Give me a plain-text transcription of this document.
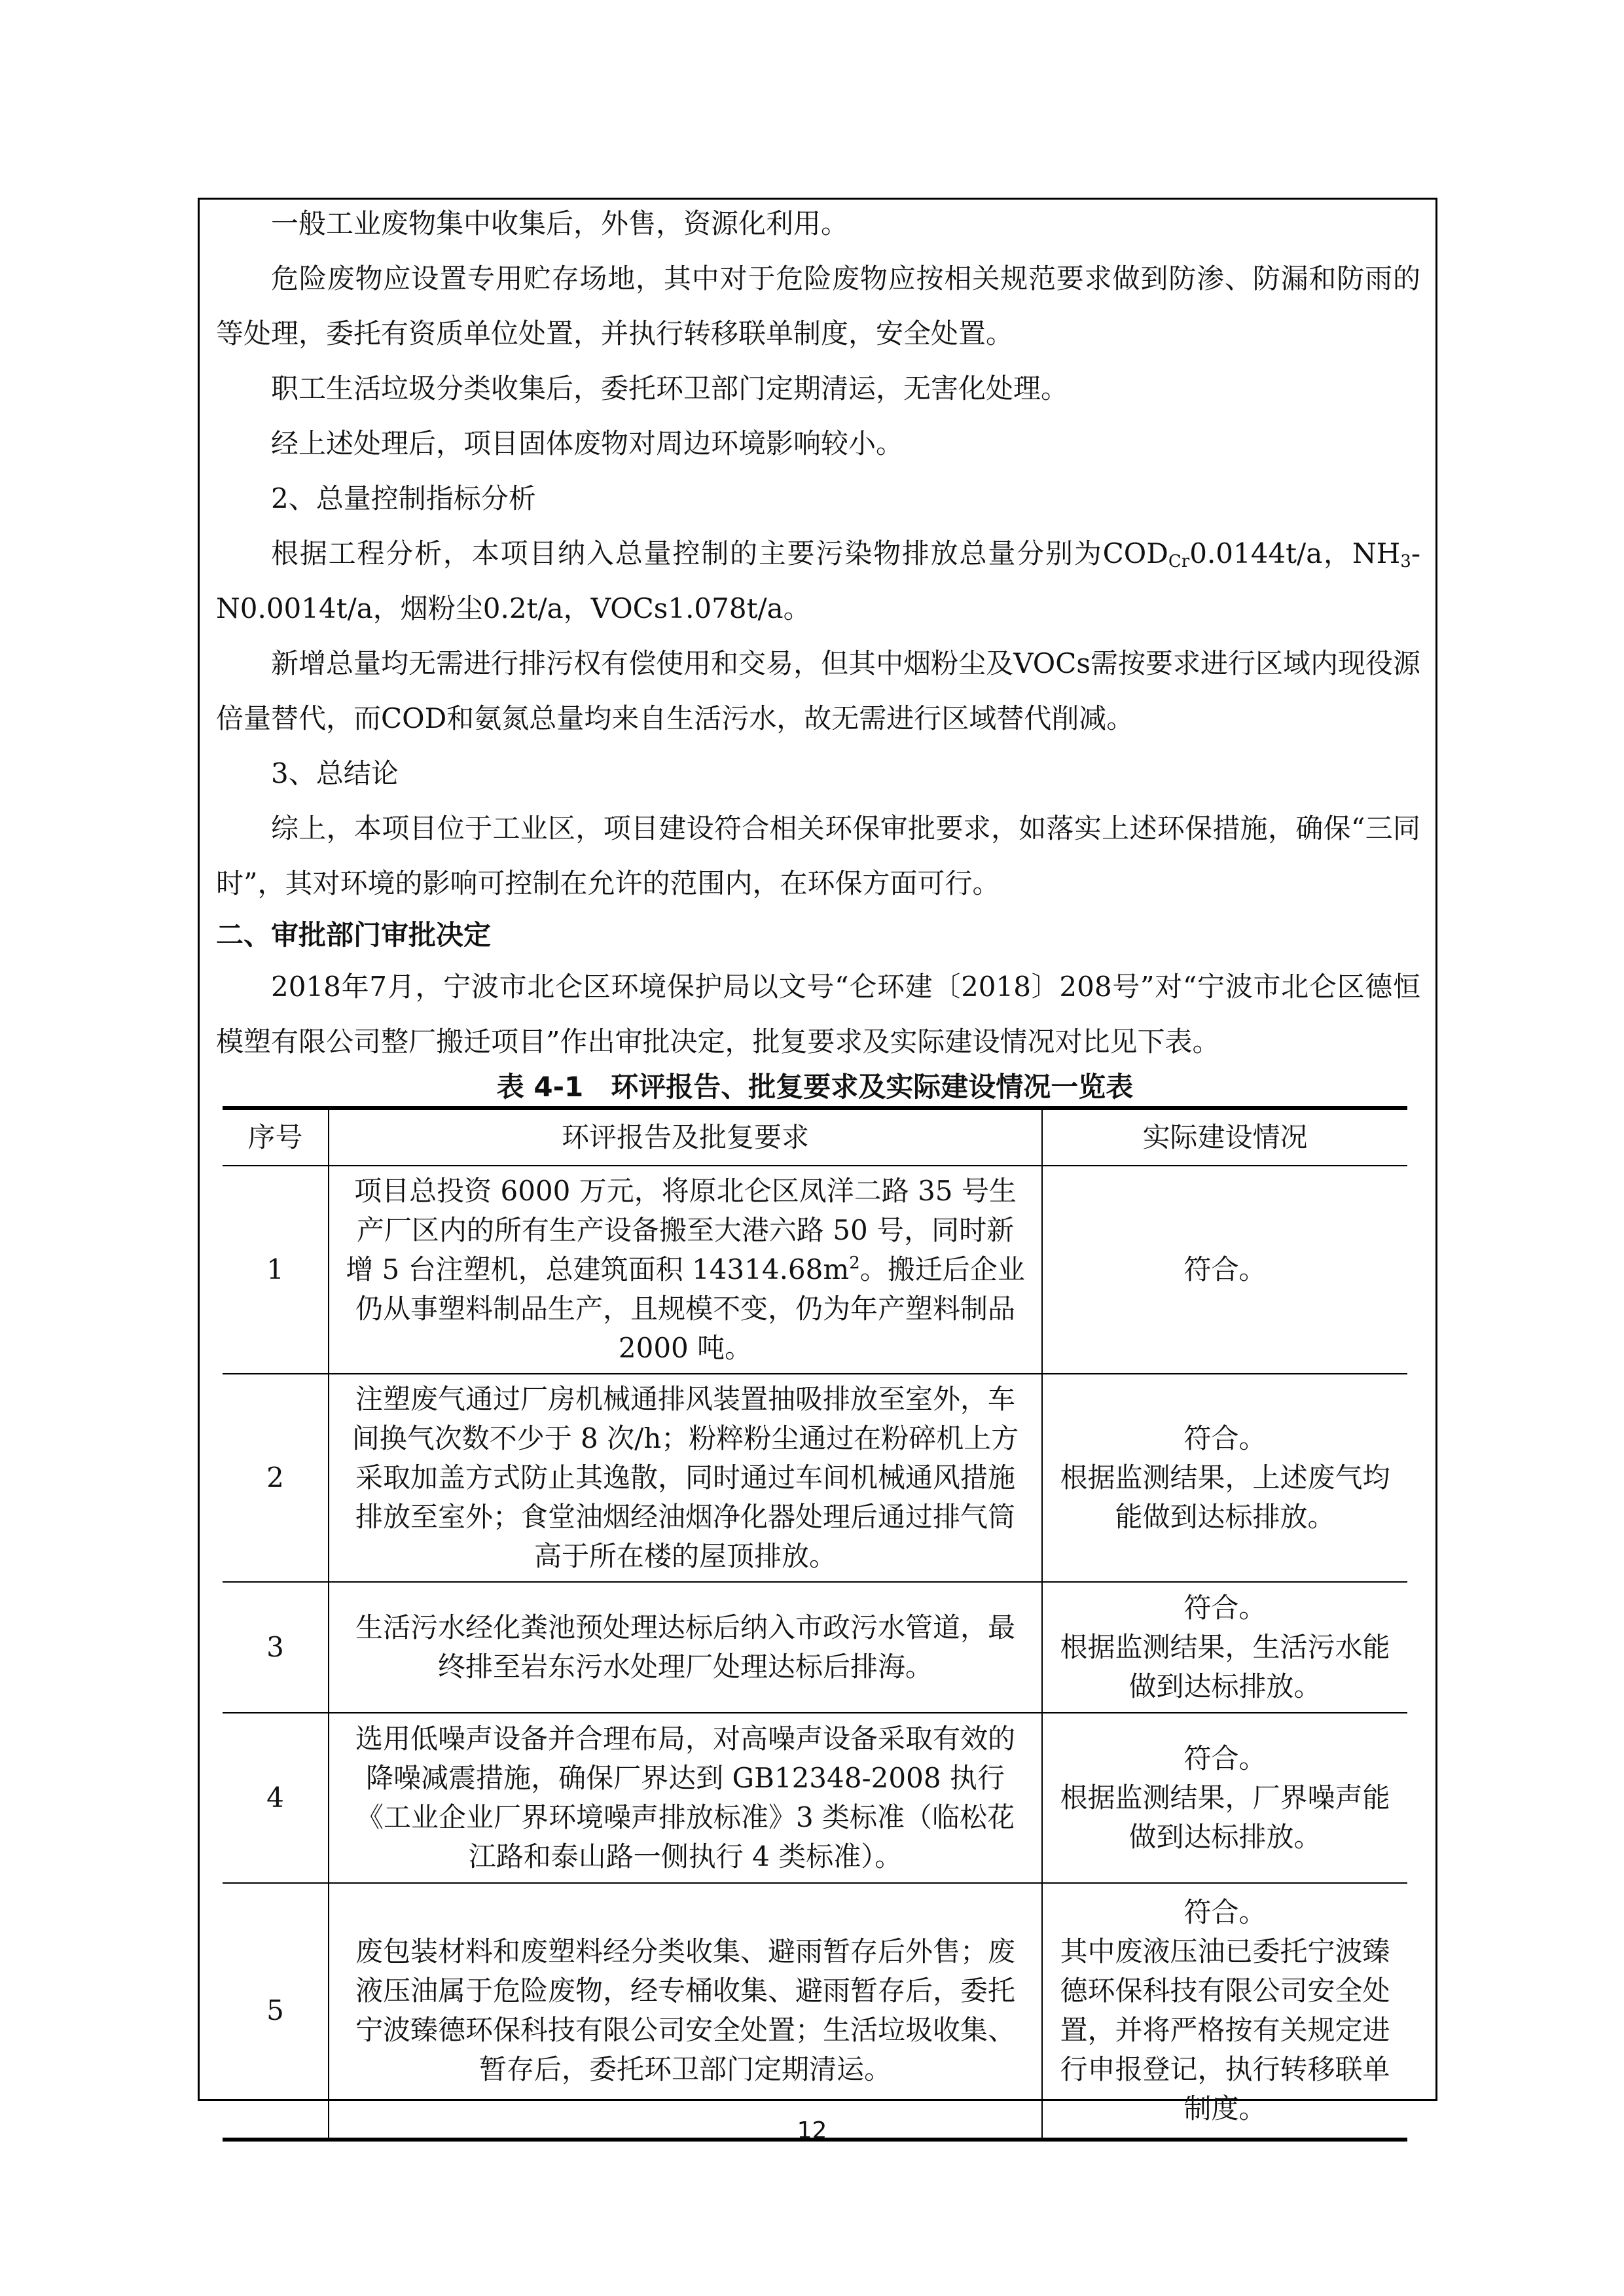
一般工业废物集中收集后，外售，资源化利用。

危险废物应设置专用贮存场地，其中对于危险废物应按相关规范要求做到防渗、防漏和防雨的等处理，委托有资质单位处置，并执行转移联单制度，安全处置。

职工生活垃圾分类收集后，委托环卫部门定期清运，无害化处理。

经上述处理后，项目固体废物对周边环境影响较小。

2、总量控制指标分析

根据工程分析，本项目纳入总量控制的主要污染物排放总量分别为$COD_{Cr}0.0144t/a$，$NH_3-N0.0014t/a$，烟粉尘0.2t/a，VOCs1.078t/a。

新增总量均无需进行排污权有偿使用和交易，但其中烟粉尘及VOCs需按要求进行区域内现役源倍量替代，而COD和氨氮总量均来自生活污水，故无需进行区域替代削减。

3、总结论

综上，本项目位于工业区，项目建设符合相关环保审批要求，如落实上述环保措施，确保“三同时”，其对环境的影响可控制在允许的范围内，在环保方面可行。

二、审批部门审批决定

2018年7月，宁波市北仑区环境保护局以文号“仑环建〔2018〕208号”对“宁波市北仑区德恒模塑有限公司整厂搬迁项目”作出审批决定，批复要求及实际建设情况对比见下表。

表 4-1　环评报告、批复要求及实际建设情况一览表
序号	环评报告及批复要求	实际建设情况
1	项目总投资 6000 万元，将原北仑区凤洋二路 35 号生产厂区内的所有生产设备搬至大港六路 50 号，同时新增 5 台注塑机，总建筑面积 $14314.68m^2$。搬迁后企业仍从事塑料制品生产，且规模不变，仍为年产塑料制品 2000 吨。	符合。

2	注塑废气通过厂房机械通排风装置抽吸排放至室外，车间换气次数不少于 8 次/h；粉粹粉尘通过在粉碎机上方采取加盖方式防止其逸散，同时通过车间机械通风措施排放至室外；食堂油烟经油烟净化器处理后通过排气筒高于所在楼的屋顶排放。	符合。
根据监测结果，上述废气均能做到达标排放。

3	生活污水经化粪池预处理达标后纳入市政污水管道，最终排至岩东污水处理厂处理达标后排海。	符合。
根据监测结果，生活污水能做到达标排放。

4	选用低噪声设备并合理布局，对高噪声设备采取有效的降噪减震措施，确保厂界达到 GB12348-2008 执行《工业企业厂界环境噪声排放标准》3 类标准（临松花江路和泰山路一侧执行 4 类标准）。	符合。
根据监测结果，厂界噪声能做到达标排放。

5	废包装材料和废塑料经分类收集、避雨暂存后外售；废液压油属于危险废物，经专桶收集、避雨暂存后，委托宁波臻德环保科技有限公司安全处置；生活垃圾收集、暂存后，委托环卫部门定期清运。	符合。
其中废液压油已委托宁波臻德环保科技有限公司安全处置，并将严格按有关规定进行申报登记，执行转移联单制度。
12
